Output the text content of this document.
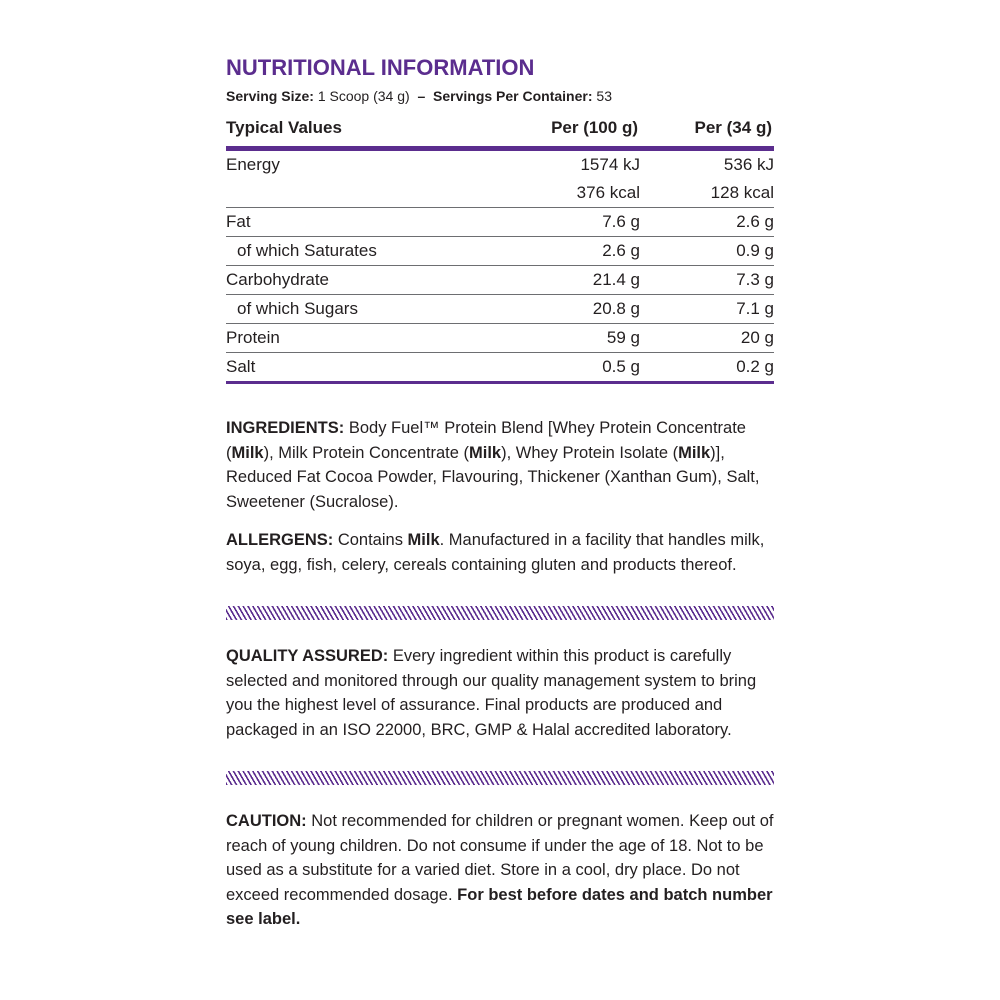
NUTRITIONAL INFORMATION
Serving Size: 1 Scoop (34 g) – Servings Per Container: 53
Typical Values	Per (100 g)	Per (34 g)
Energy	1574 kJ	536 kJ
	376 kcal	128 kcal
Fat	7.6 g	2.6 g
of which Saturates	2.6 g	0.9 g
Carbohydrate	21.4 g	7.3 g
of which Sugars	20.8 g	7.1 g
Protein	59 g	20 g
Salt	0.5 g	0.2 g

INGREDIENTS: Body Fuel™ Protein Blend [Whey Protein Concentrate (Milk), Milk Protein Concentrate (Milk), Whey Protein Isolate (Milk)], Reduced Fat Cocoa Powder, Flavouring, Thickener (Xanthan Gum), Salt, Sweetener (Sucralose).

ALLERGENS: Contains Milk. Manufactured in a facility that handles milk, soya, egg, fish, celery, cereals containing gluten and products thereof.

QUALITY ASSURED: Every ingredient within this product is carefully selected and monitored through our quality management system to bring you the highest level of assurance. Final products are produced and packaged in an ISO 22000, BRC, GMP & Halal accredited laboratory.

CAUTION: Not recommended for children or pregnant women. Keep out of reach of young children. Do not consume if under the age of 18. Not to be used as a substitute for a varied diet. Store in a cool, dry place. Do not exceed recommended dosage. For best before dates and batch number see label.
